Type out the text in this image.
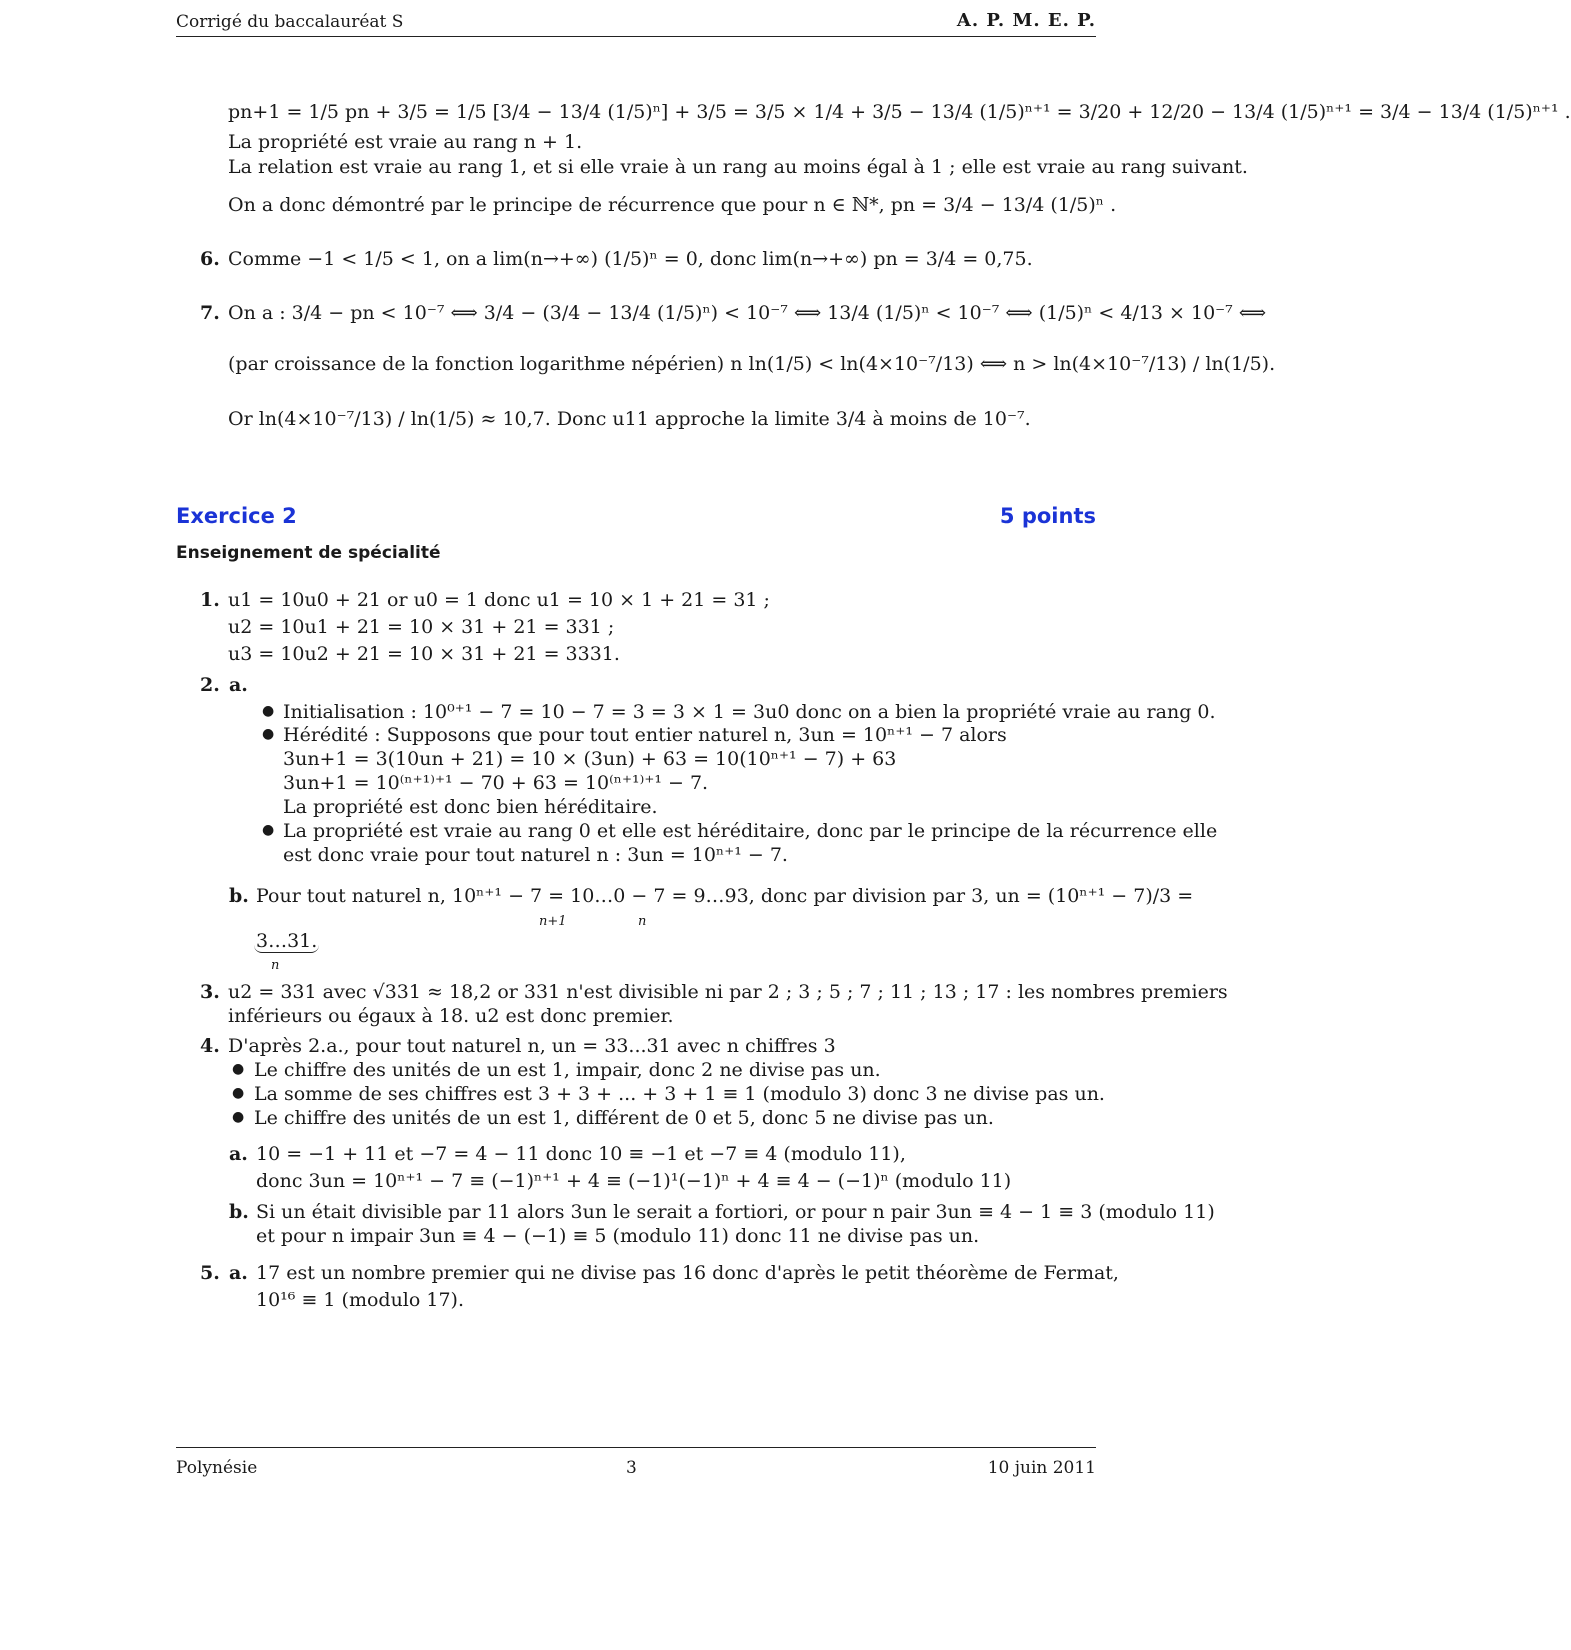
Corrigé du baccalauréat S	A. P. M. E. P.
pn+1 = 1/5 pn + 3/5 = 1/5 [3/4 − 13/4 (1/5)ⁿ] + 3/5 = 3/5 × 1/4 + 3/5 − 13/4 (1/5)ⁿ⁺¹ = 3/20 + 12/20 − 13/4 (1/5)ⁿ⁺¹ = 3/4 − 13/4 (1/5)ⁿ⁺¹ .
La propriété est vraie au rang n + 1.
La relation est vraie au rang 1, et si elle vraie à un rang au moins égal à 1 ; elle est vraie au rang suivant.
On a donc démontré par le principe de récurrence que pour n ∈ ℕ*, pn = 3/4 − 13/4 (1/5)ⁿ .
6. Comme −1 < 1/5 < 1, on a lim(n→+∞) (1/5)ⁿ = 0, donc lim(n→+∞) pn = 3/4 = 0,75.
7. On a : 3/4 − pn < 10⁻⁷ ⟺ 3/4 − (3/4 − 13/4 (1/5)ⁿ) < 10⁻⁷ ⟺ 13/4 (1/5)ⁿ < 10⁻⁷ ⟺ (1/5)ⁿ < 4/13 × 10⁻⁷ ⟺
(par croissance de la fonction logarithme népérien) n ln(1/5) < ln(4×10⁻⁷/13) ⟺ n > ln(4×10⁻⁷/13) / ln(1/5).
Or ln(4×10⁻⁷/13) / ln(1/5) ≈ 10,7. Donc u11 approche la limite 3/4 à moins de 10⁻⁷.
Exercice 2	5 points
Enseignement de spécialité
1. u1 = 10u0 + 21 or u0 = 1 donc u1 = 10 × 1 + 21 = 31 ;
u2 = 10u1 + 21 = 10 × 31 + 21 = 331 ;
u3 = 10u2 + 21 = 10 × 31 + 21 = 3331.
2. a.
● Initialisation : 10⁰⁺¹ − 7 = 10 − 7 = 3 = 3 × 1 = 3u0 donc on a bien la propriété vraie au rang 0.
● Hérédité : Supposons que pour tout entier naturel n, 3un = 10ⁿ⁺¹ − 7 alors
3un+1 = 3(10un + 21) = 10 × (3un) + 63 = 10(10ⁿ⁺¹ − 7) + 63
3un+1 = 10⁽ⁿ⁺¹⁾⁺¹ − 70 + 63 = 10⁽ⁿ⁺¹⁾⁺¹ − 7.
La propriété est donc bien héréditaire.
● La propriété est vraie au rang 0 et elle est héréditaire, donc par le principe de la récurrence elle
est donc vraie pour tout naturel n : 3un = 10ⁿ⁺¹ − 7.
b. Pour tout naturel n, 10ⁿ⁺¹ − 7 = 10…0 − 7 = 9…93, donc par division par 3, un = (10ⁿ⁺¹ − 7)/3 =
n+1	n
3…31.
n
3. u2 = 331 avec √331 ≈ 18,2 or 331 n'est divisible ni par 2 ; 3 ; 5 ; 7 ; 11 ; 13 ; 17 : les nombres premiers
inférieurs ou égaux à 18. u2 est donc premier.
4. D'après 2.a., pour tout naturel n, un = 33...31 avec n chiffres 3
● Le chiffre des unités de un est 1, impair, donc 2 ne divise pas un.
● La somme de ses chiffres est 3 + 3 + ... + 3 + 1 ≡ 1 (modulo 3) donc 3 ne divise pas un.
● Le chiffre des unités de un est 1, différent de 0 et 5, donc 5 ne divise pas un.
a. 10 = −1 + 11 et −7 = 4 − 11 donc 10 ≡ −1 et −7 ≡ 4 (modulo 11),
donc 3un = 10ⁿ⁺¹ − 7 ≡ (−1)ⁿ⁺¹ + 4 ≡ (−1)¹(−1)ⁿ + 4 ≡ 4 − (−1)ⁿ (modulo 11)
b. Si un était divisible par 11 alors 3un le serait a fortiori, or pour n pair 3un ≡ 4 − 1 ≡ 3 (modulo 11)
et pour n impair 3un ≡ 4 − (−1) ≡ 5 (modulo 11) donc 11 ne divise pas un.
5. a. 17 est un nombre premier qui ne divise pas 16 donc d'après le petit théorème de Fermat,
10¹⁶ ≡ 1 (modulo 17).
Polynésie	3	10 juin 2011
